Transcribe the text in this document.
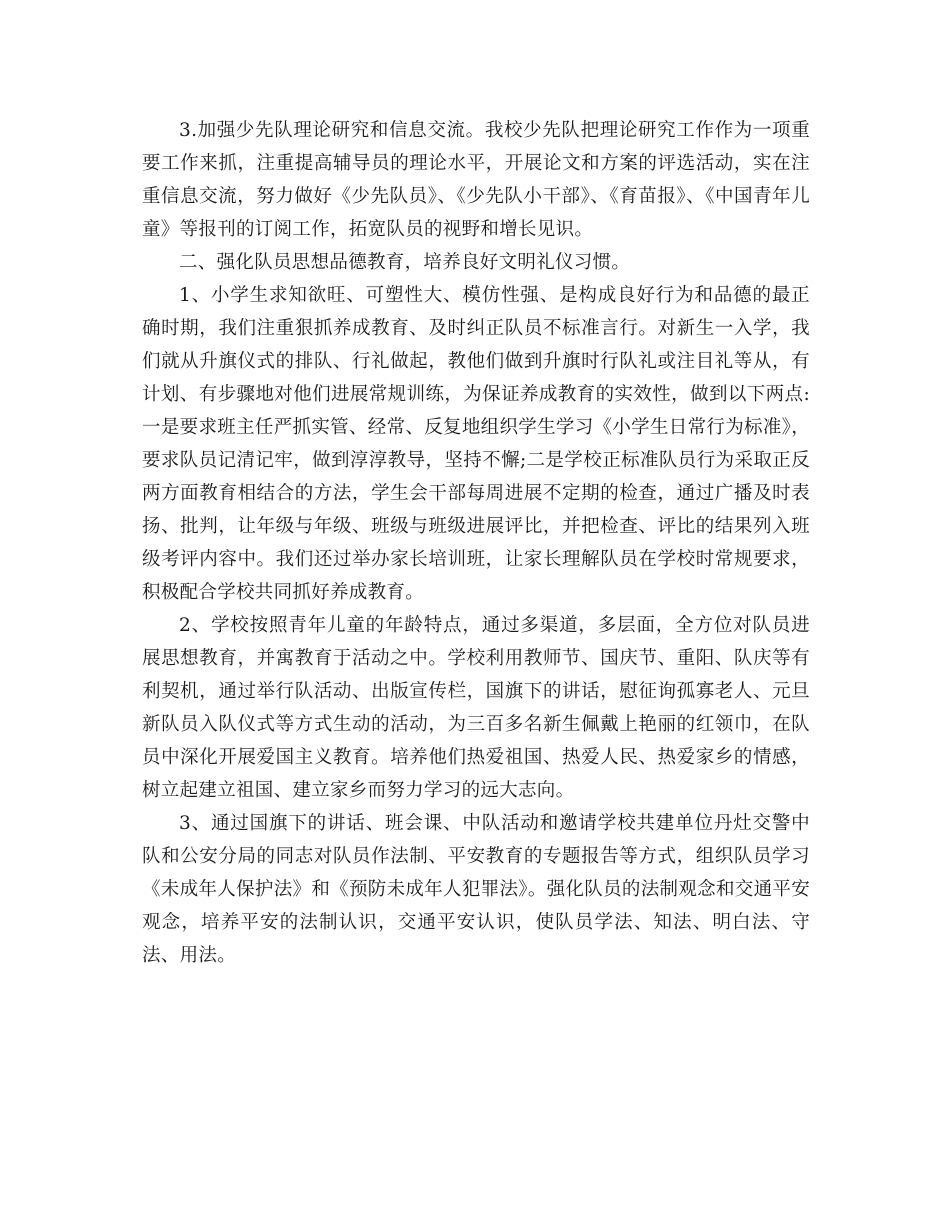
3.加强少先队理论研究和信息交流。我校少先队把理论研究工作作为一项重要工作来抓，注重提高辅导员的理论水平，开展论文和方案的评选活动，实在注重信息交流，努力做好《少先队员》、《少先队小干部》、《育苗报》、《中国青年儿童》等报刊的订阅工作，拓宽队员的视野和增长见识。

二、强化队员思想品德教育，培养良好文明礼仪习惯。

1、小学生求知欲旺、可塑性大、模仿性强、是构成良好行为和品德的最正确时期，我们注重狠抓养成教育、及时纠正队员不标准言行。对新生一入学，我们就从升旗仪式的排队、行礼做起，教他们做到升旗时行队礼或注目礼等从，有计划、有步骤地对他们进展常规训练，为保证养成教育的实效性，做到以下两点:一是要求班主任严抓实管、经常、反复地组织学生学习《小学生日常行为标准》，要求队员记清记牢，做到淳淳教导，坚持不懈;二是学校正标准队员行为采取正反两方面教育相结合的方法，学生会干部每周进展不定期的检查，通过广播及时表扬、批判，让年级与年级、班级与班级进展评比，并把检查、评比的结果列入班级考评内容中。我们还过举办家长培训班，让家长理解队员在学校时常规要求，积极配合学校共同抓好养成教育。

2、学校按照青年儿童的年龄特点，通过多渠道，多层面，全方位对队员进展思想教育，并寓教育于活动之中。学校利用教师节、国庆节、重阳、队庆等有利契机，通过举行队活动、出版宣传栏，国旗下的讲话，慰征询孤寡老人、元旦新队员入队仪式等方式生动的活动，为三百多名新生佩戴上艳丽的红领巾，在队员中深化开展爱国主义教育。培养他们热爱祖国、热爱人民、热爱家乡的情感，树立起建立祖国、建立家乡而努力学习的远大志向。

3、通过国旗下的讲话、班会课、中队活动和邀请学校共建单位丹灶交警中队和公安分局的同志对队员作法制、平安教育的专题报告等方式，组织队员学习《未成年人保护法》和《预防未成年人犯罪法》。强化队员的法制观念和交通平安观念，培养平安的法制认识，交通平安认识，使队员学法、知法、明白法、守法、用法。
